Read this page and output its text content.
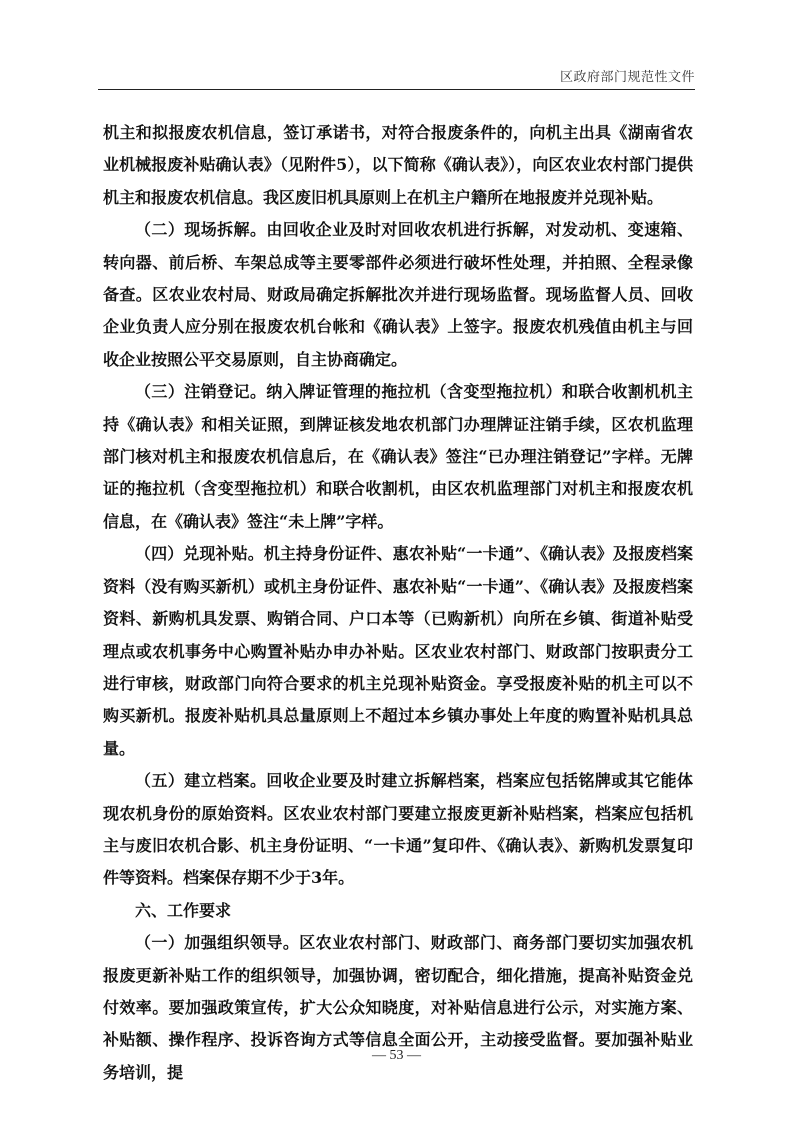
区政府部门规范性文件

机主和拟报废农机信息，签订承诺书，对符合报废条件的，向机主出具《湖南省农业机械报废补贴确认表》（见附件5），以下简称《确认表》），向区农业农村部门提供机主和报废农机信息。我区废旧机具原则上在机主户籍所在地报废并兑现补贴。

（二）现场拆解。由回收企业及时对回收农机进行拆解，对发动机、变速箱、转向器、前后桥、车架总成等主要零部件必须进行破坏性处理，并拍照、全程录像备查。区农业农村局、财政局确定拆解批次并进行现场监督。现场监督人员、回收企业负责人应分别在报废农机台帐和《确认表》上签字。报废农机残值由机主与回收企业按照公平交易原则，自主协商确定。

（三）注销登记。纳入牌证管理的拖拉机（含变型拖拉机）和联合收割机机主持《确认表》和相关证照，到牌证核发地农机部门办理牌证注销手续，区农机监理部门核对机主和报废农机信息后，在《确认表》签注“已办理注销登记”字样。无牌证的拖拉机（含变型拖拉机）和联合收割机，由区农机监理部门对机主和报废农机信息，在《确认表》签注“未上牌”字样。

（四）兑现补贴。机主持身份证件、惠农补贴“一卡通”、《确认表》及报废档案资料（没有购买新机）或机主身份证件、惠农补贴“一卡通”、《确认表》及报废档案资料、新购机具发票、购销合同、户口本等（已购新机）向所在乡镇、街道补贴受理点或农机事务中心购置补贴办申办补贴。区农业农村部门、财政部门按职责分工进行审核，财政部门向符合要求的机主兑现补贴资金。享受报废补贴的机主可以不购买新机。报废补贴机具总量原则上不超过本乡镇办事处上年度的购置补贴机具总量。

（五）建立档案。回收企业要及时建立拆解档案，档案应包括铭牌或其它能体现农机身份的原始资料。区农业农村部门要建立报废更新补贴档案，档案应包括机主与废旧农机合影、机主身份证明、“一卡通”复印件、《确认表》、新购机发票复印件等资料。档案保存期不少于3年。

六、工作要求

（一）加强组织领导。区农业农村部门、财政部门、商务部门要切实加强农机报废更新补贴工作的组织领导，加强协调，密切配合，细化措施，提高补贴资金兑付效率。要加强政策宣传，扩大公众知晓度，对补贴信息进行公示，对实施方案、补贴额、操作程序、投诉咨询方式等信息全面公开，主动接受监督。要加强补贴业务培训，提

— 53 —
